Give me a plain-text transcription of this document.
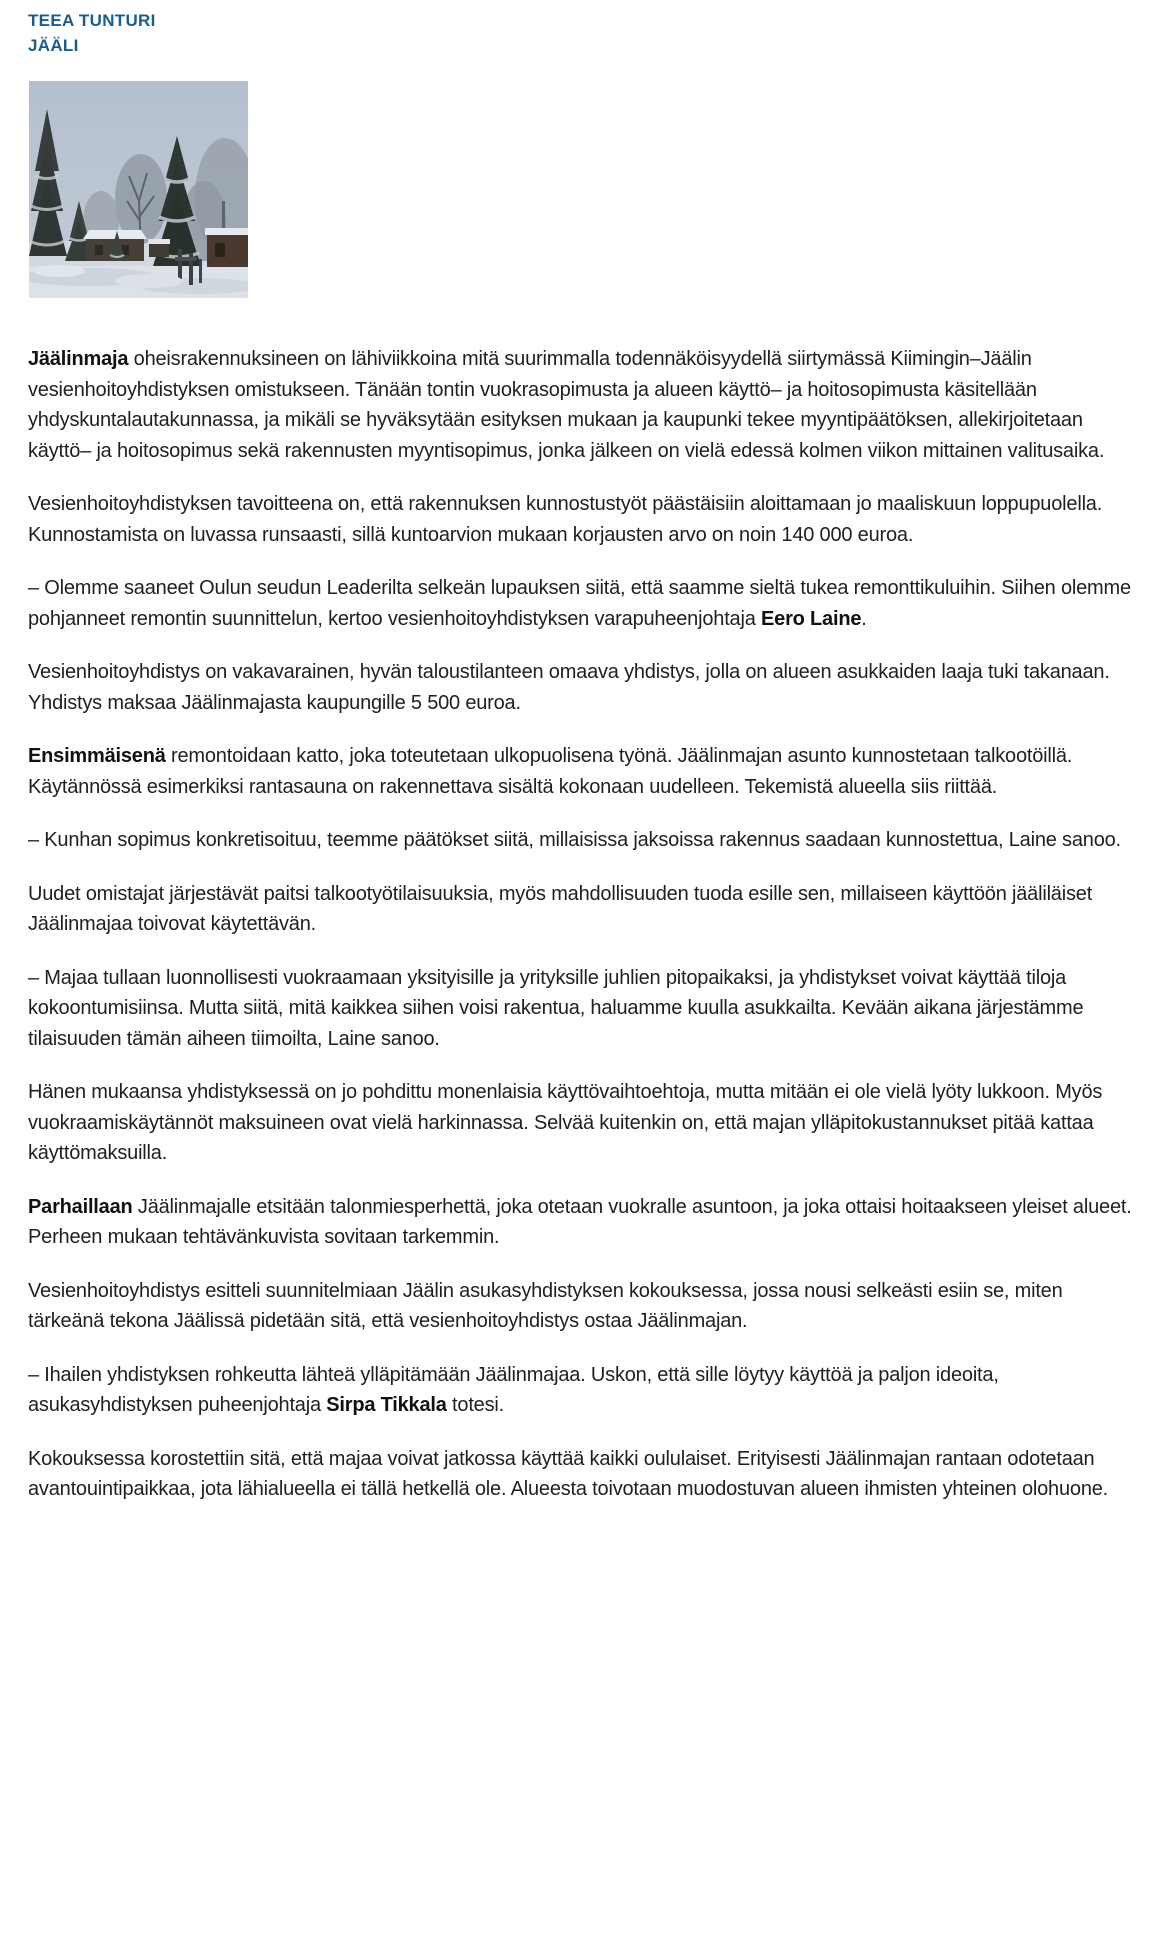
TEEA TUNTURI
JÄÄLI

Jäälinmaja oheisrakennuksineen on lähiviikkoina mitä suurimmalla todennäköisyydellä siirtymässä Kiimingin–Jäälin vesienhoitoyhdistyksen omistukseen. Tänään tontin vuokrasopimusta ja alueen käyttö– ja hoitosopimusta käsitellään yhdyskuntalautakunnassa, ja mikäli se hyväksytään esityksen mukaan ja kaupunki tekee myyntipäätöksen, allekirjoitetaan käyttö– ja hoitosopimus sekä rakennusten myyntisopimus, jonka jälkeen on vielä edessä kolmen viikon mittainen valitusaika.

Vesienhoitoyhdistyksen tavoitteena on, että rakennuksen kunnostustyöt päästäisiin aloittamaan jo maaliskuun loppupuolella. Kunnostamista on luvassa runsaasti, sillä kuntoarvion mukaan korjausten arvo on noin 140 000 euroa.

– Olemme saaneet Oulun seudun Leaderilta selkeän lupauksen siitä, että saamme sieltä tukea remonttikuluihin. Siihen olemme pohjanneet remontin suunnittelun, kertoo vesienhoitoyhdistyksen varapuheenjohtaja Eero Laine.

Vesienhoitoyhdistys on vakavarainen, hyvän taloustilanteen omaava yhdistys, jolla on alueen asukkaiden laaja tuki takanaan. Yhdistys maksaa Jäälinmajasta kaupungille 5 500 euroa.

Ensimmäisenä remontoidaan katto, joka toteutetaan ulkopuolisena työnä. Jäälinmajan asunto kunnostetaan talkootöillä. Käytännössä esimerkiksi rantasauna on rakennettava sisältä kokonaan uudelleen. Tekemistä alueella siis riittää.

– Kunhan sopimus konkretisoituu, teemme päätökset siitä, millaisissa jaksoissa rakennus saadaan kunnostettua, Laine sanoo.

Uudet omistajat järjestävät paitsi talkootyötilaisuuksia, myös mahdollisuuden tuoda esille sen, millaiseen käyttöön jääliläiset Jäälinmajaa toivovat käytettävän.

– Majaa tullaan luonnollisesti vuokraamaan yksityisille ja yrityksille juhlien pitopaikaksi, ja yhdistykset voivat käyttää tiloja kokoontumisiinsa. Mutta siitä, mitä kaikkea siihen voisi rakentua, haluamme kuulla asukkailta. Kevään aikana järjestämme tilaisuuden tämän aiheen tiimoilta, Laine sanoo.

Hänen mukaansa yhdistyksessä on jo pohdittu monenlaisia käyttövaihtoehtoja, mutta mitään ei ole vielä lyöty lukkoon. Myös vuokraamiskäytännöt maksuineen ovat vielä harkinnassa. Selvää kuitenkin on, että majan ylläpitokustannukset pitää kattaa käyttömaksuilla.

Parhaillaan Jäälinmajalle etsitään talonmiesperhettä, joka otetaan vuokralle asuntoon, ja joka ottaisi hoitaakseen yleiset alueet. Perheen mukaan tehtävänkuvista sovitaan tarkemmin.

Vesienhoitoyhdistys esitteli suunnitelmiaan Jäälin asukasyhdistyksen kokouksessa, jossa nousi selkeästi esiin se, miten tärkeänä tekona Jäälissä pidetään sitä, että vesienhoitoyhdistys ostaa Jäälinmajan.

– Ihailen yhdistyksen rohkeutta lähteä ylläpitämään Jäälinmajaa. Uskon, että sille löytyy käyttöä ja paljon ideoita, asukasyhdistyksen puheenjohtaja Sirpa Tikkala totesi.

Kokouksessa korostettiin sitä, että majaa voivat jatkossa käyttää kaikki oululaiset. Erityisesti Jäälinmajan rantaan odotetaan avantouintipaikkaa, jota lähialueella ei tällä hetkellä ole. Alueesta toivotaan muodostuvan alueen ihmisten yhteinen olohuone.
